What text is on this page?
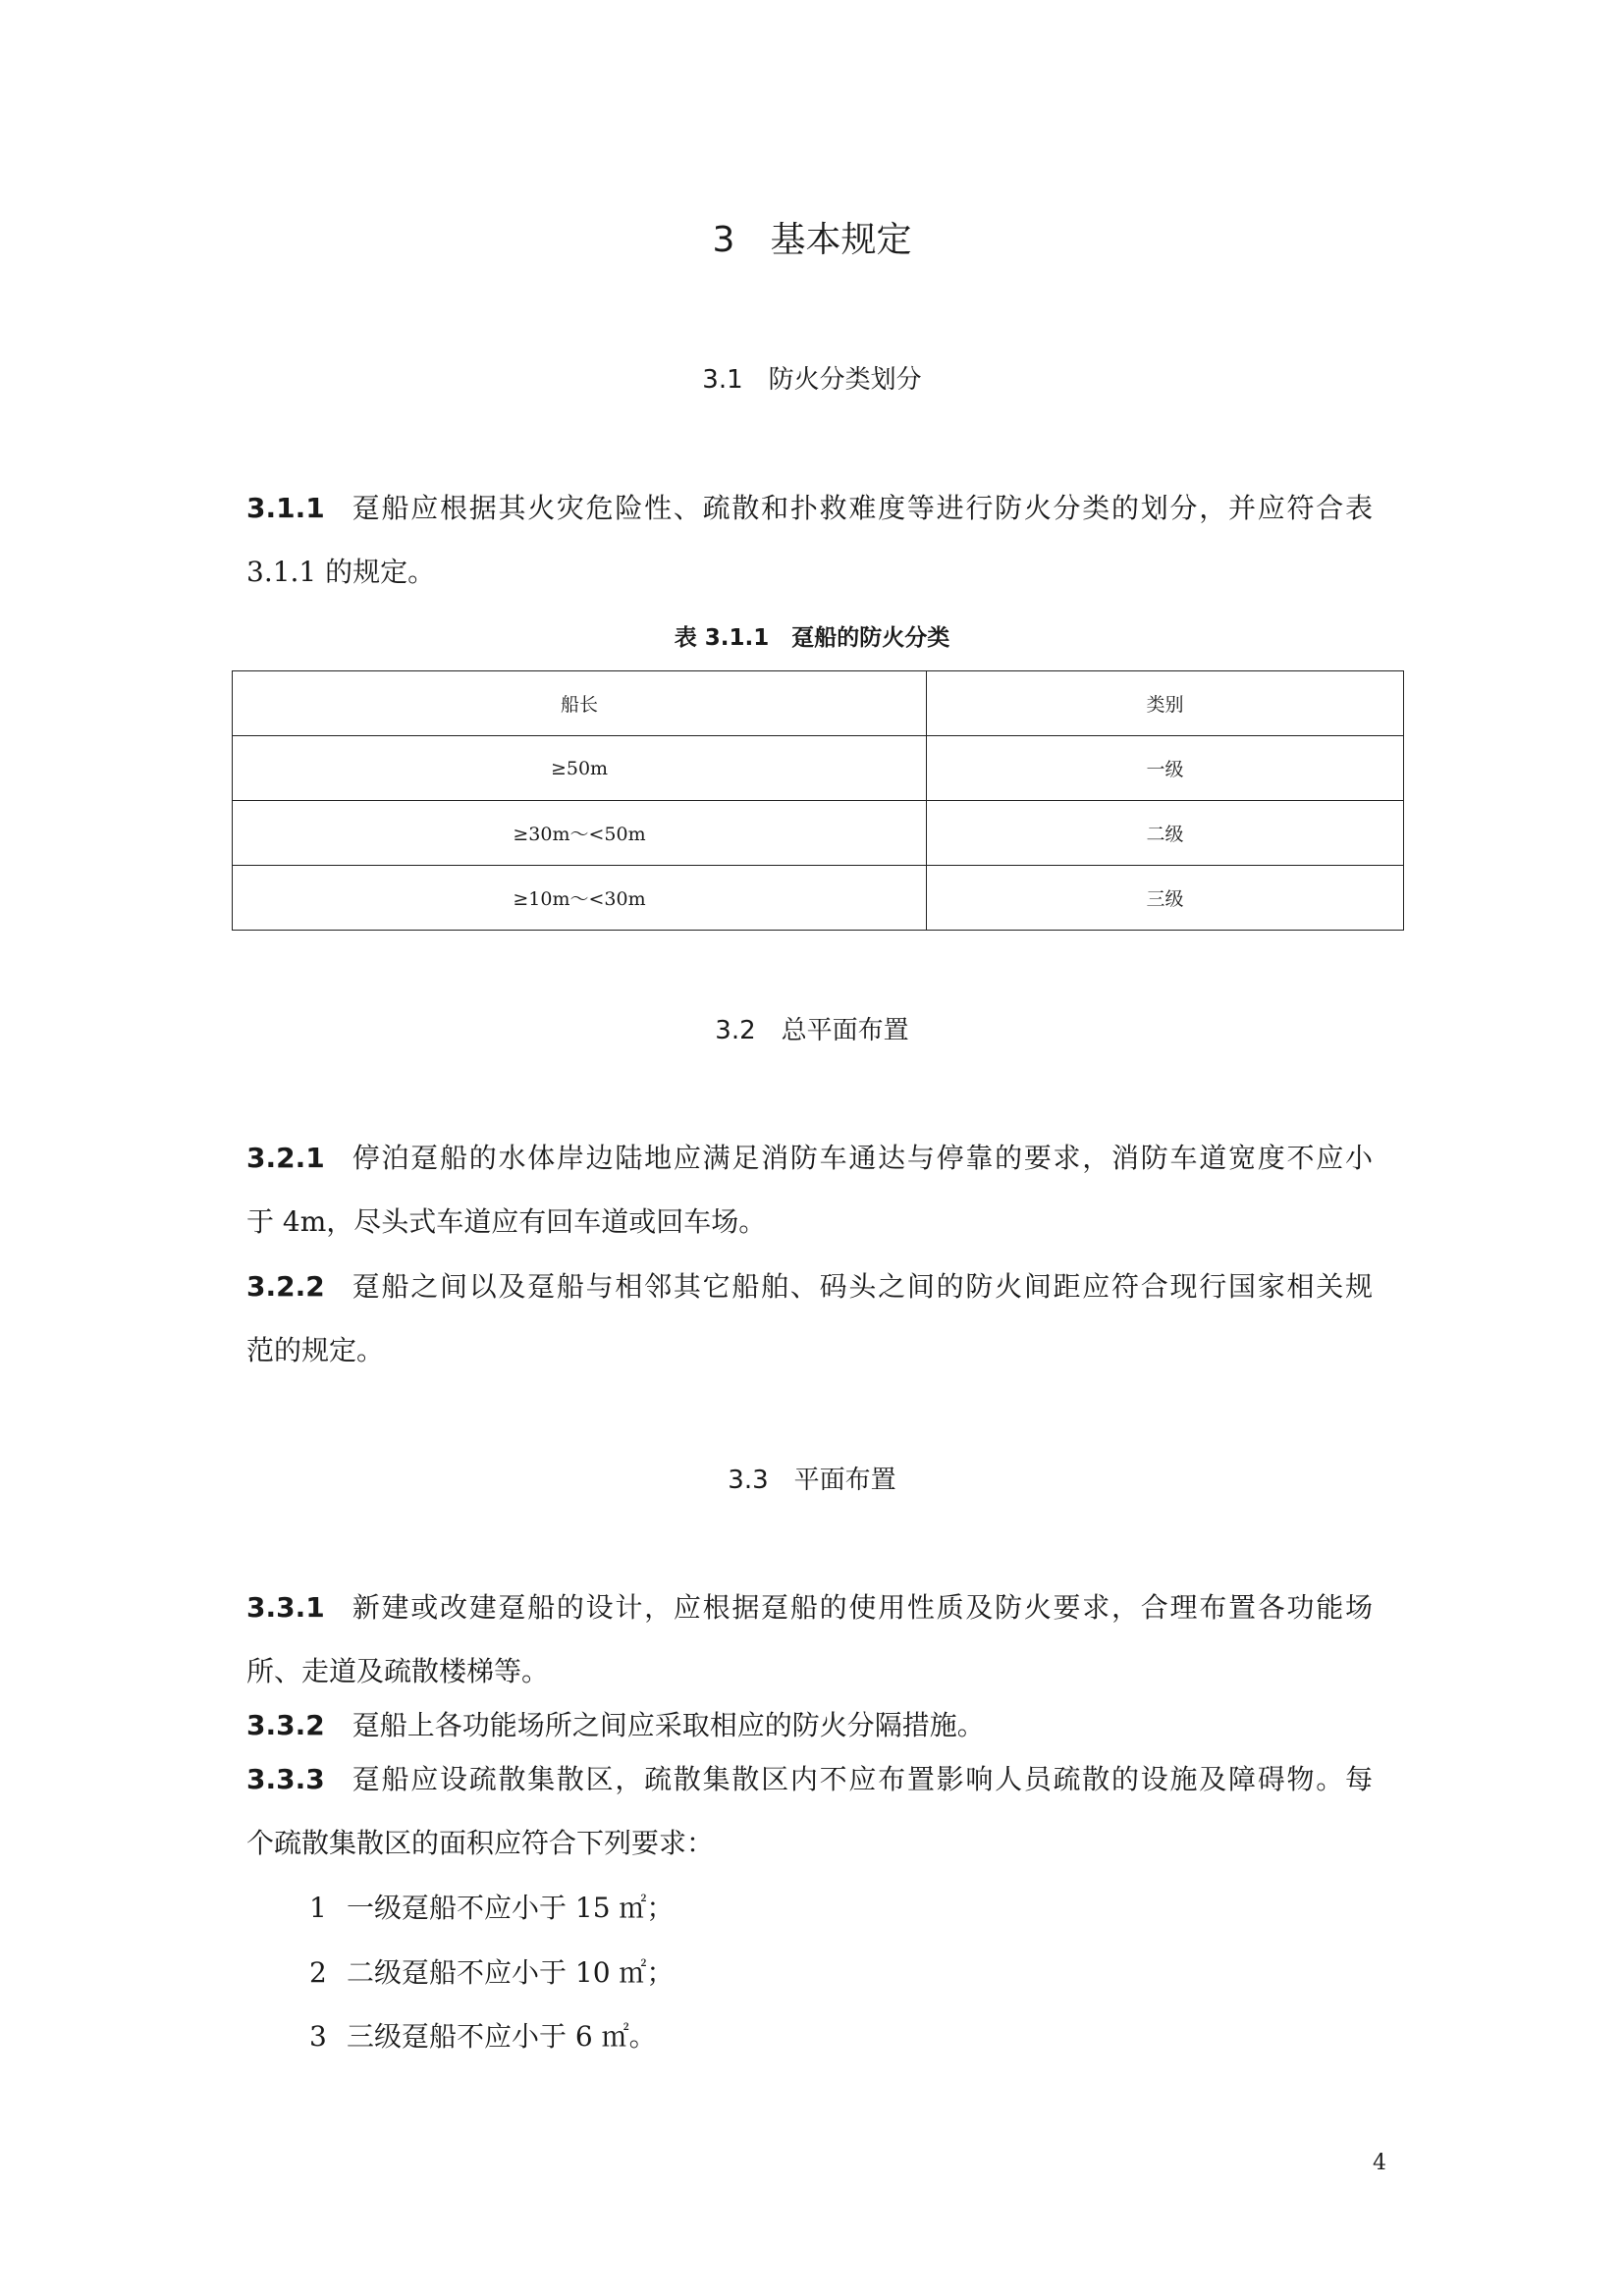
3　 基本规定
3.1　 防火分类划分
3.1.1 趸船应根据其火灾危险性、疏散和扑救难度等进行防火分类的划分，并应符合表
3.1.1 的规定。
表 3.1.1　趸船的防火分类
船长	类别
≥50m	一级
≥30m～<50m	二级
≥10m～<30m	三级
3.2　 总平面布置
3.2.1 停泊趸船的水体岸边陆地应满足消防车通达与停靠的要求，消防车道宽度不应小
于 4m，尽头式车道应有回车道或回车场。
3.2.2 趸船之间以及趸船与相邻其它船舶、码头之间的防火间距应符合现行国家相关规
范的规定。
3.3　 平面布置
3.3.1 新建或改建趸船的设计，应根据趸船的使用性质及防火要求，合理布置各功能场
所、走道及疏散楼梯等。
3.3.2 趸船上各功能场所之间应采取相应的防火分隔措施。
3.3.3 趸船应设疏散集散区，疏散集散区内不应布置影响人员疏散的设施及障碍物。每
个疏散集散区的面积应符合下列要求：
1 一级趸船不应小于 15 ㎡；
2 二级趸船不应小于 10 ㎡；
3 三级趸船不应小于 6 ㎡。
4
